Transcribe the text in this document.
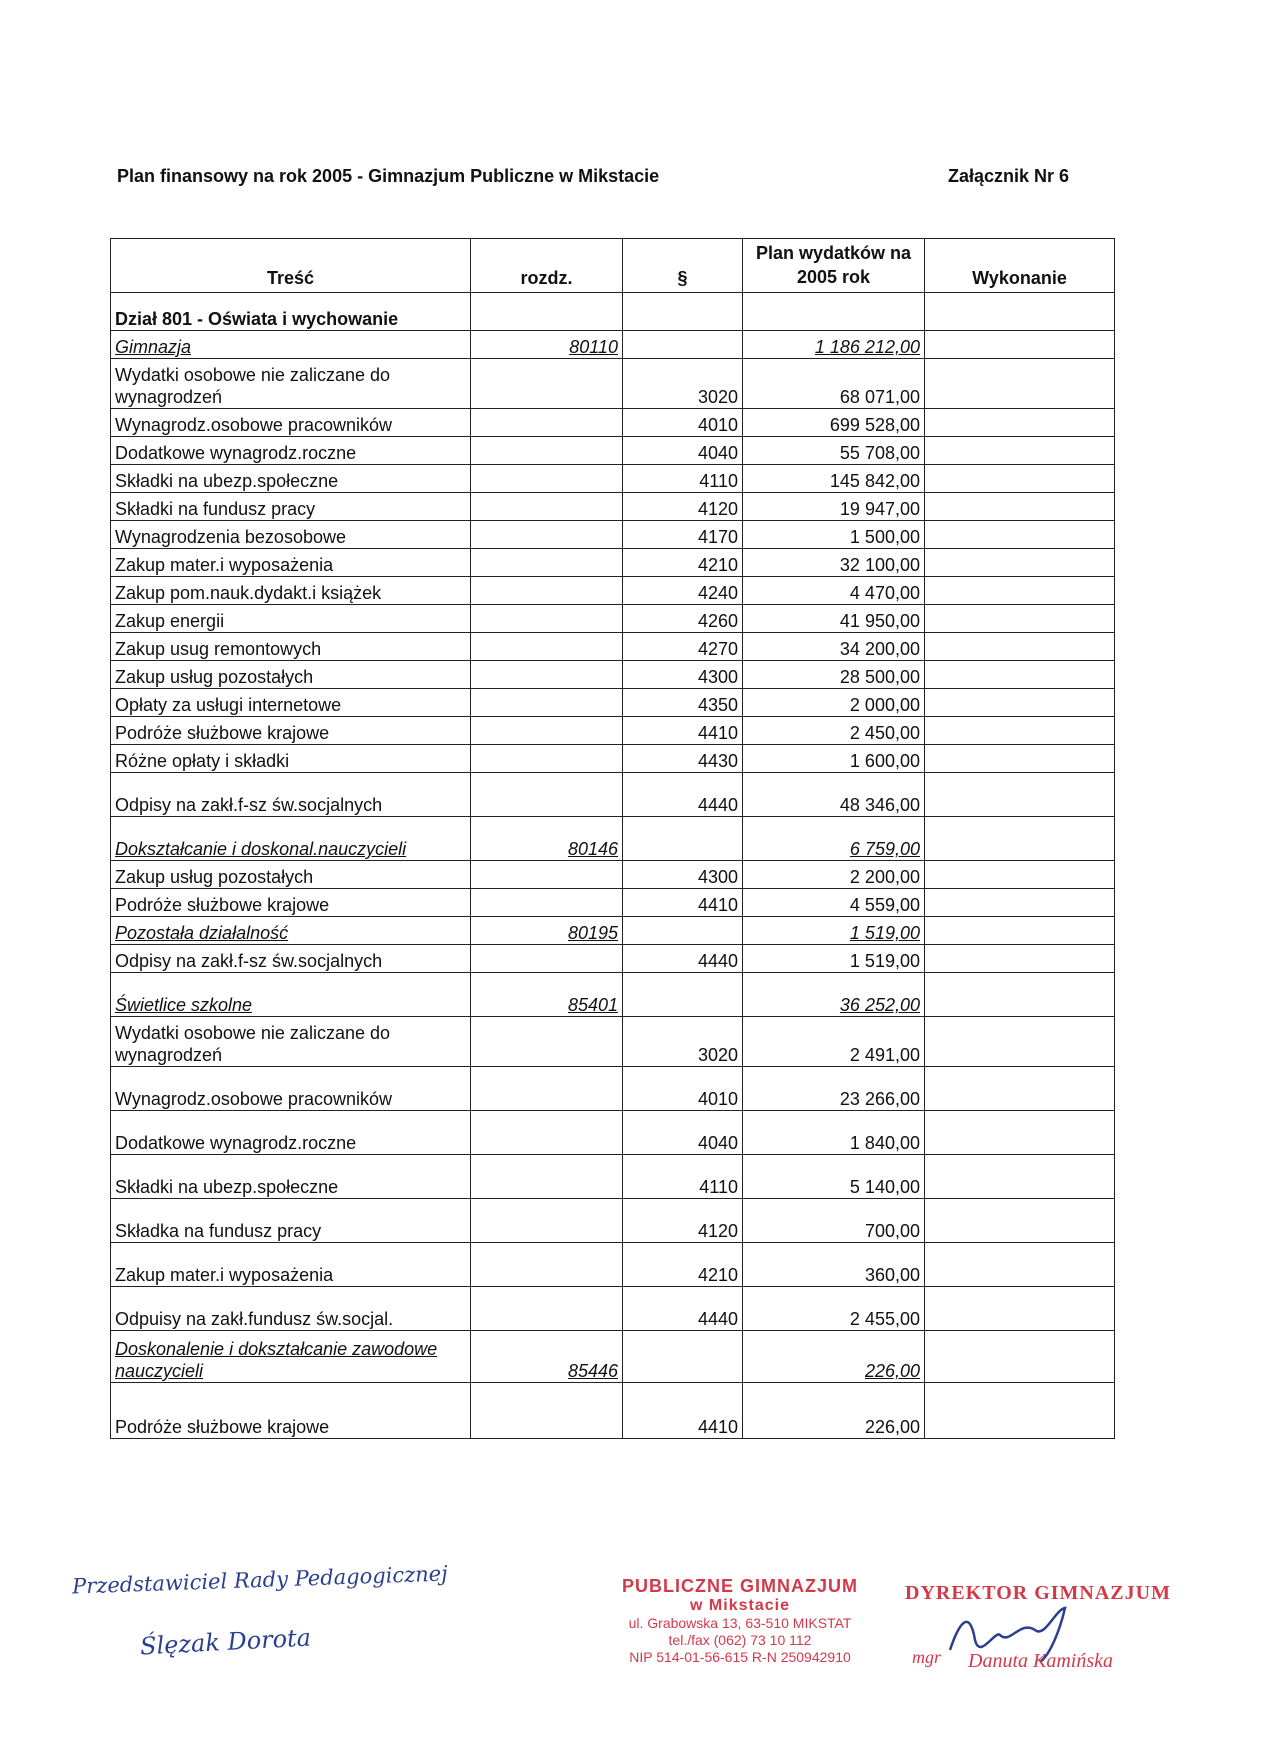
Plan finansowy na rok 2005 - Gimnazjum Publiczne w Mikstacie	Załącznik Nr 6
Treść	rozdz.	§	Plan wydatków na 2005 rok	Wykonanie
Dział 801 - Oświata i wychowanie				
Gimnazja	80110		1 186 212,00	
Wydatki osobowe nie zaliczane do wynagrodzeń		3020	68 071,00	
Wynagrodz.osobowe pracowników		4010	699 528,00	
Dodatkowe wynagrodz.roczne		4040	55 708,00	
Składki na ubezp.społeczne		4110	145 842,00	
Składki na fundusz pracy		4120	19 947,00	
Wynagrodzenia bezosobowe		4170	1 500,00	
Zakup mater.i wyposażenia		4210	32 100,00	
Zakup pom.nauk.dydakt.i książek		4240	4 470,00	
Zakup energii		4260	41 950,00	
Zakup usug remontowych		4270	34 200,00	
Zakup usług pozostałych		4300	28 500,00	
Opłaty za usługi internetowe		4350	2 000,00	
Podróże służbowe krajowe		4410	2 450,00	
Różne opłaty i składki		4430	1 600,00	
Odpisy na zakł.f-sz św.socjalnych		4440	48 346,00	
Dokształcanie i doskonal.nauczycieli	80146		6 759,00	
Zakup usług pozostałych		4300	2 200,00	
Podróże służbowe krajowe		4410	4 559,00	
Pozostała działalność	80195		1 519,00	
Odpisy na zakł.f-sz św.socjalnych		4440	1 519,00	
Świetlice szkolne	85401		36 252,00	
Wydatki osobowe nie zaliczane do wynagrodzeń		3020	2 491,00	
Wynagrodz.osobowe pracowników		4010	23 266,00	
Dodatkowe wynagrodz.roczne		4040	1 840,00	
Składki na ubezp.społeczne		4110	5 140,00	
Składka na fundusz pracy		4120	700,00	
Zakup mater.i wyposażenia		4210	360,00	
Odpuisy na zakł.fundusz św.socjal.		4440	2 455,00	
Doskonalenie i dokształcanie zawodowe nauczycieli	85446		226,00	
Podróże służbowe krajowe		4410	226,00	
Przedstawiciel Rady Pedagogicznej
Ślęzak Dorota
PUBLICZNE GIMNAZJUM
w Mikstacie
ul. Grabowska 13, 63-510 MIKSTAT
tel./fax (062) 73 10 112
NIP 514-01-56-615 R-N 250942910
DYREKTOR GIMNAZJUM
mgr Danuta Kamińska
